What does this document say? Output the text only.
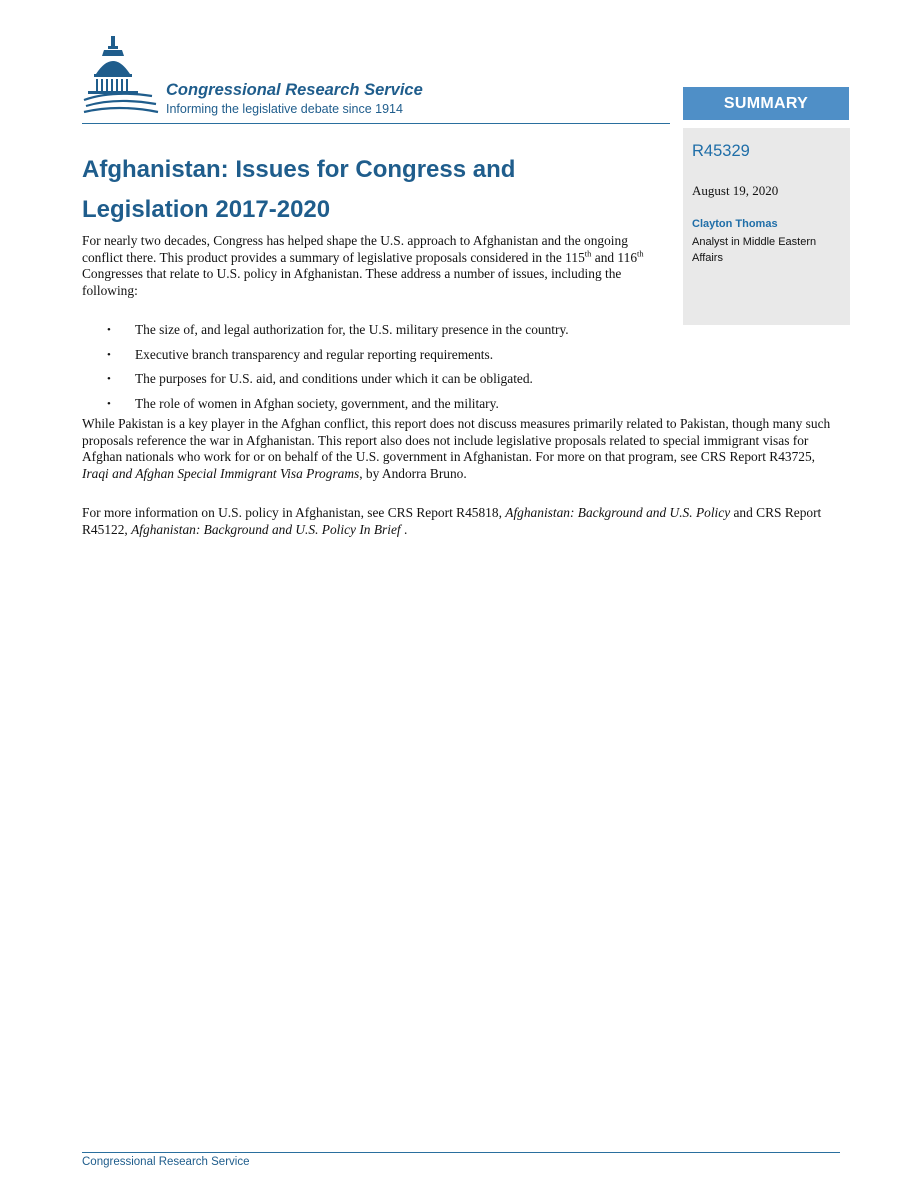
Congressional Research Service
Informing the legislative debate since 1914	SUMMARY
R45329
August 19, 2020
Clayton Thomas
Analyst in Middle Eastern Affairs
Afghanistan: Issues for Congress and Legislation 2017-2020

For nearly two decades, Congress has helped shape the U.S. approach to Afghanistan and the ongoing conflict there. This product provides a summary of legislative proposals considered in the 115th and 116th Congresses that relate to U.S. policy in Afghanistan. These address a number of issues, including the following:

• The size of, and legal authorization for, the U.S. military presence in the country.
• Executive branch transparency and regular reporting requirements.
• The purposes for U.S. aid, and conditions under which it can be obligated.
• The role of women in Afghan society, government, and the military.

While Pakistan is a key player in the Afghan conflict, this report does not discuss measures primarily related to Pakistan, though many such proposals reference the war in Afghanistan. This report also does not include legislative proposals related to special immigrant visas for Afghan nationals who work for or on behalf of the U.S. government in Afghanistan. For more on that program, see CRS Report R43725, Iraqi and Afghan Special Immigrant Visa Programs, by Andorra Bruno.

For more information on U.S. policy in Afghanistan, see CRS Report R45818, Afghanistan: Background and U.S. Policy and CRS Report R45122, Afghanistan: Background and U.S. Policy In Brief .

Congressional Research Service
